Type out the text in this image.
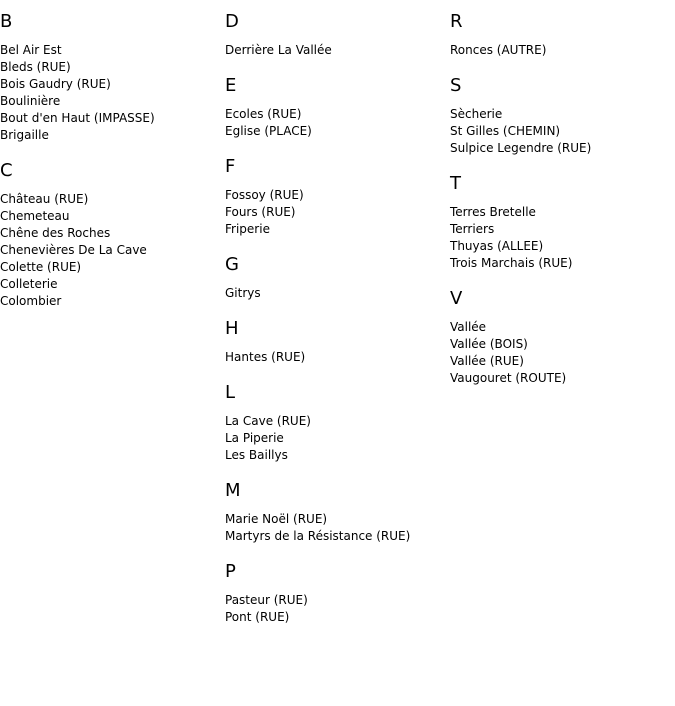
B
Bel Air Est
Bleds (RUE)
Bois Gaudry (RUE)
Boulinière
Bout d'en Haut (IMPASSE)
Brigaille
C
Château (RUE)
Chemeteau
Chêne des Roches
Chenevières De La Cave
Colette (RUE)
Colleterie
Colombier
D
Derrière La Vallée
E
Ecoles (RUE)
Eglise (PLACE)
F
Fossoy (RUE)
Fours (RUE)
Friperie
G
Gitrys
H
Hantes (RUE)
L
La Cave (RUE)
La Piperie
Les Baillys
M
Marie Noël (RUE)
Martyrs de la Résistance (RUE)
P
Pasteur (RUE)
Pont (RUE)
R
Ronces (AUTRE)
S
Sècherie
St Gilles (CHEMIN)
Sulpice Legendre (RUE)
T
Terres Bretelle
Terriers
Thuyas (ALLEE)
Trois Marchais (RUE)
V
Vallée
Vallée (BOIS)
Vallée (RUE)
Vaugouret (ROUTE)
